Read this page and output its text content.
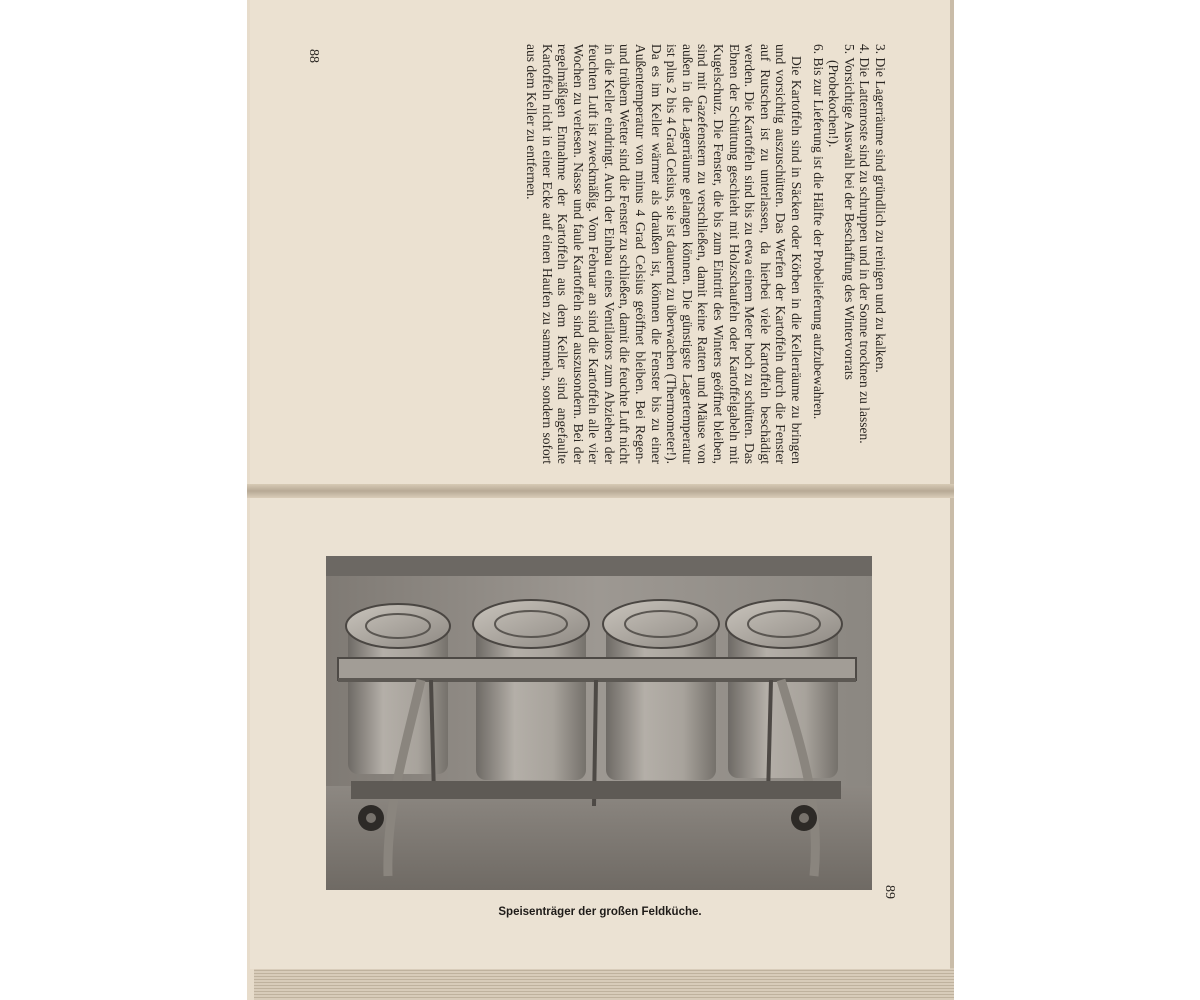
88	3. Die Lagerräume sind gründlich zu reinigen und zu kalken.

4. Die Lattenroste sind zu schruppen und in der Sonne trocknen zu lassen.

5. Vorsichtige Auswahl bei der Beschaffung des Wintervorrats (Probekochen!).

6. Bis zur Lieferung ist die Hälfte der Probelieferung aufzubewahren.

Die Kartoffeln sind in Säcken oder Körben in die Kellerräume zu bringen und vorsichtig auszuschütten. Das Werfen der Kartoffeln durch die Fenster auf Rutschen ist zu unterlassen, da hierbei viele Kartoffeln beschädigt werden. Die Kartoffeln sind bis zu etwa einem Meter hoch zu schütten. Das Ebnen der Schüttung geschieht mit Holzschaufeln oder Kartoffelgabeln mit Kugelschutz. Die Fenster, die bis zum Eintritt des Winters geöffnet bleiben, sind mit Gazefenstern zu verschließen, damit keine Ratten und Mäuse von außen in die Lagerräume gelangen können. Die günstigste Lagertemperatur ist plus 2 bis 4 Grad Celsius, sie ist dauernd zu überwachen (Thermometer!). Da es im Keller wärmer als draußen ist, können die Fenster bis zu einer Außentemperatur von minus 4 Grad Celsius geöffnet bleiben. Bei Regen- und trübem Wetter sind die Fenster zu schließen, damit die feuchte Luft nicht in die Keller eindringt. Auch der Einbau eines Ventilators zum Abziehen der feuchten Luft ist zweckmäßig. Vom Februar an sind die Kartoffeln alle vier Wochen zu verlesen. Nasse und faule Kartoffeln sind auszusondern. Bei der regelmäßigen Entnahme der Kartoffeln aus dem Keller sind angefaulte Kartoffeln nicht in einer Ecke auf einen Haufen zu sammeln, sondern sofort aus dem Keller zu entfernen.

89
Speisenträger der großen Feldküche.
